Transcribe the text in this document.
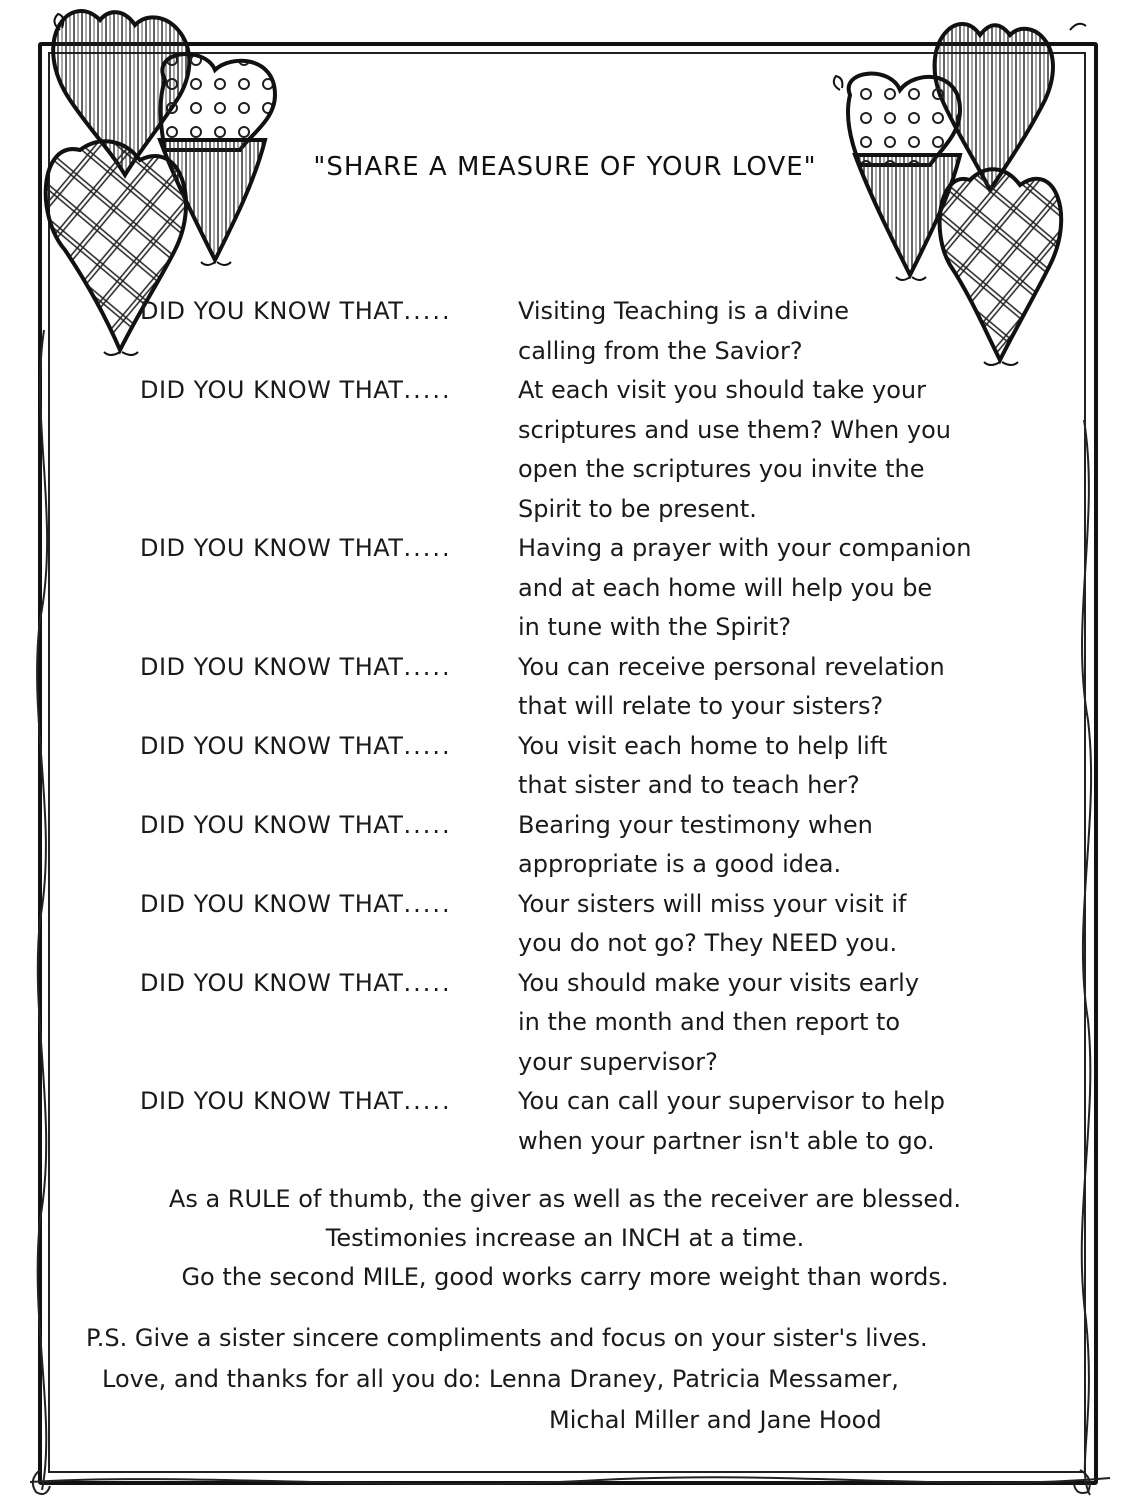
"SHARE A MEASURE OF YOUR LOVE"
DID YOU KNOW THAT.....	Visiting Teaching is a divine
calling from the Savior?
DID YOU KNOW THAT.....	At each visit you should take your
scriptures and use them? When you
open the scriptures you invite the
Spirit to be present.
DID YOU KNOW THAT.....	Having a prayer with your companion
and at each home will help you be
in tune with the Spirit?
DID YOU KNOW THAT.....	You can receive personal revelation
that will relate to your sisters?
DID YOU KNOW THAT.....	You visit each home to help lift
that sister and to teach her?
DID YOU KNOW THAT.....	Bearing your testimony when
appropriate is a good idea.
DID YOU KNOW THAT.....	Your sisters will miss your visit if
you do not go? They NEED you.
DID YOU KNOW THAT.....	You should make your visits early
in the month and then report to
your supervisor?
DID YOU KNOW THAT.....	You can call your supervisor to help
when your partner isn't able to go.
As a RULE of thumb, the giver as well as the receiver are blessed.
Testimonies increase an INCH at a time.
Go the second MILE, good works carry more weight than words.
P.S. Give a sister sincere compliments and focus on your sister's lives.
Love, and thanks for all you do: Lenna Draney, Patricia Messamer,
Michal Miller and Jane Hood
